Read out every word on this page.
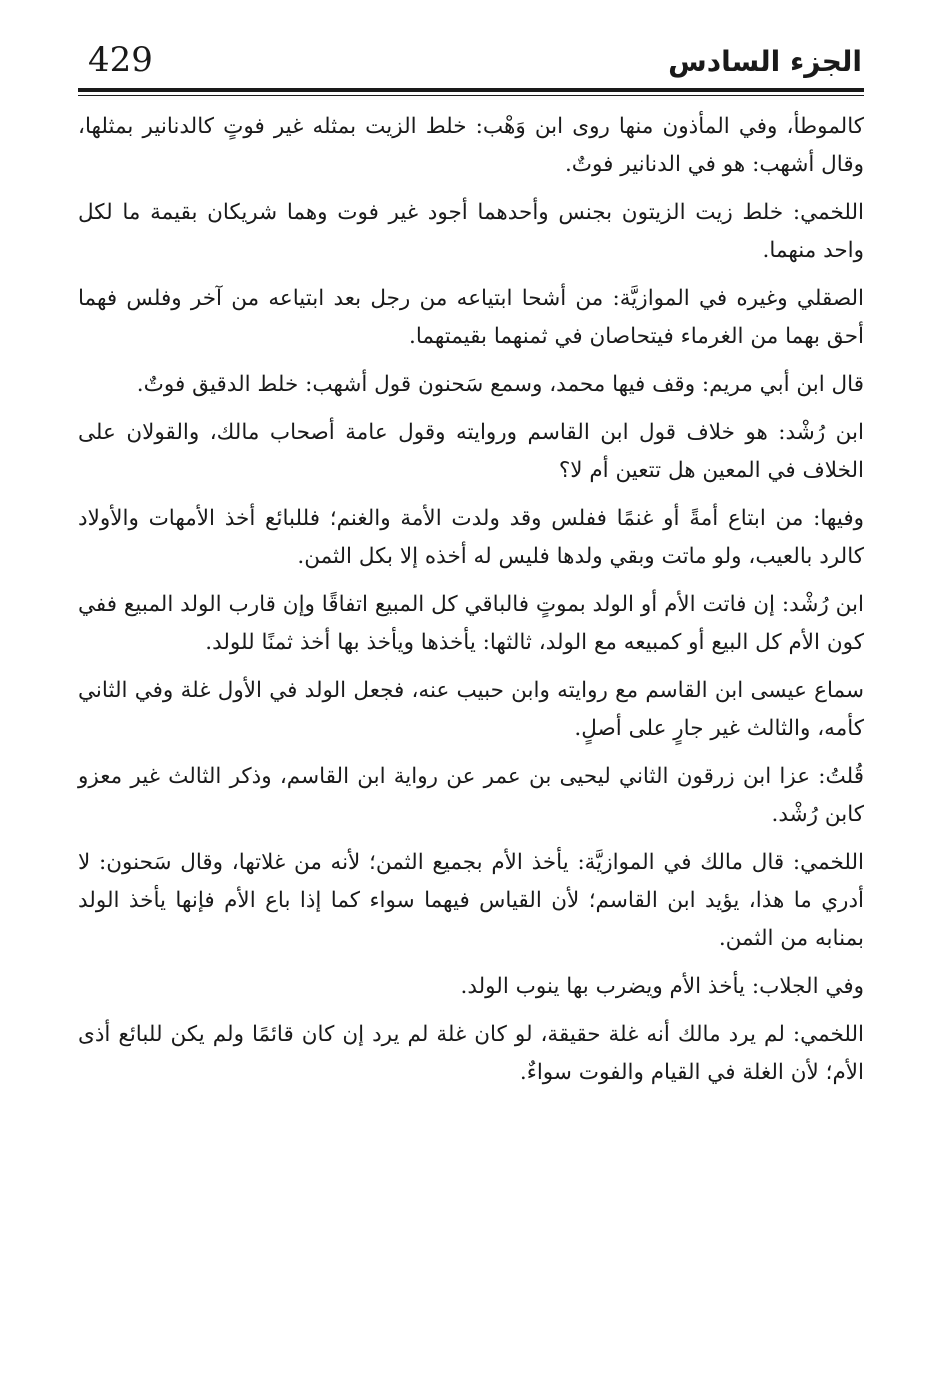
429	الجزء السادس

كالموطأ، وفي المأذون منها روى ابن وَهْب: خلط الزيت بمثله غير فوتٍ كالدنانير بمثلها، وقال أشهب: هو في الدنانير فوتٌ.

اللخمي: خلط زيت الزيتون بجنس وأحدهما أجود غير فوت وهما شريكان بقيمة ما لكل واحد منهما.

الصقلي وغيره في الموازيَّة: من أشحا ابتياعه من رجل بعد ابتياعه من آخر وفلس فهما أحق بهما من الغرماء فيتحاصان في ثمنهما بقيمتهما.

قال ابن أبي مريم: وقف فيها محمد، وسمع سَحنون قول أشهب: خلط الدقيق فوتٌ.

ابن رُشْد: هو خلاف قول ابن القاسم وروايته وقول عامة أصحاب مالك، والقولان على الخلاف في المعين هل تتعين أم لا؟

وفيها: من ابتاع أمةً أو غنمًا ففلس وقد ولدت الأمة والغنم؛ فللبائع أخذ الأمهات والأولاد كالرد بالعيب، ولو ماتت وبقي ولدها فليس له أخذه إلا بكل الثمن.

ابن رُشْد: إن فاتت الأم أو الولد بموتٍ فالباقي كل المبيع اتفاقًا وإن قارب الولد المبيع ففي كون الأم كل البيع أو كمبيعه مع الولد، ثالثها: يأخذها ويأخذ بها أخذ ثمنًا للولد.

سماع عيسى ابن القاسم مع روايته وابن حبيب عنه، فجعل الولد في الأول غلة وفي الثاني كأمه، والثالث غير جارٍ على أصلٍ.

قُلتُ: عزا ابن زرقون الثاني ليحيى بن عمر عن رواية ابن القاسم، وذكر الثالث غير معزو كابن رُشْد.

اللخمي: قال مالك في الموازيَّة: يأخذ الأم بجميع الثمن؛ لأنه من غلاتها، وقال سَحنون: لا أدري ما هذا، يؤيد ابن القاسم؛ لأن القياس فيهما سواء كما إذا باع الأم فإنها يأخذ الولد بمنابه من الثمن.

وفي الجلاب: يأخذ الأم ويضرب بها ينوب الولد.

اللخمي: لم يرد مالك أنه غلة حقيقة، لو كان غلة لم يرد إن كان قائمًا ولم يكن للبائع أذى الأم؛ لأن الغلة في القيام والفوت سواءٌ.
